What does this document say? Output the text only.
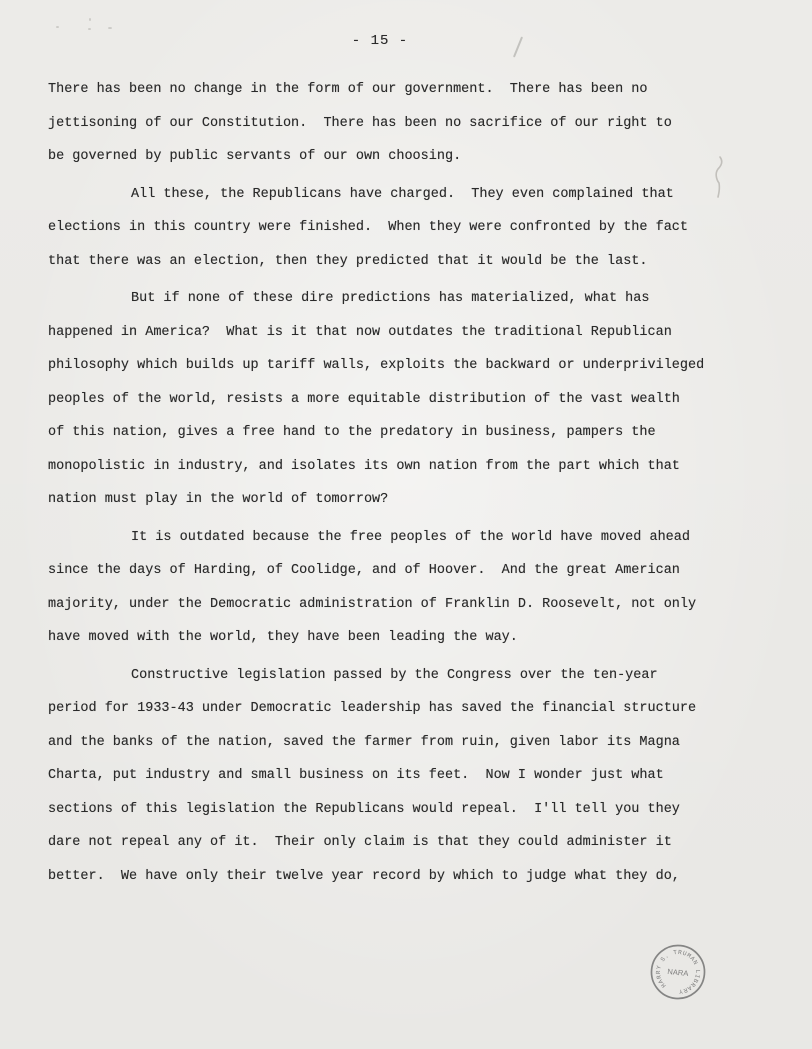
- 15 -
There has been no change in the form of our government.  There has been no
jettisoning of our Constitution.  There has been no sacrifice of our right to
be governed by public servants of our own choosing.
All these, the Republicans have charged.  They even complained that
elections in this country were finished.  When they were confronted by the fact
that there was an election, then they predicted that it would be the last.
But if none of these dire predictions has materialized, what has
happened in America?  What is it that now outdates the traditional Republican
philosophy which builds up tariff walls, exploits the backward or underprivileged
peoples of the world, resists a more equitable distribution of the vast wealth
of this nation, gives a free hand to the predatory in business, pampers the
monopolistic in industry, and isolates its own nation from the part which that
nation must play in the world of tomorrow?
It is outdated because the free peoples of the world have moved ahead
since the days of Harding, of Coolidge, and of Hoover.  And the great American
majority, under the Democratic administration of Franklin D. Roosevelt, not only
have moved with the world, they have been leading the way.
Constructive legislation passed by the Congress over the ten-year
period for 1933-43 under Democratic leadership has saved the financial structure
and the banks of the nation, saved the farmer from ruin, given labor its Magna
Charta, put industry and small business on its feet.  Now I wonder just what
sections of this legislation the Republicans would repeal.  I'll tell you they
dare not repeal any of it.  Their only claim is that they could administer it
better.  We have only their twelve year record by which to judge what they do,
HARRY S. TRUMAN LIBRARY
NARA
